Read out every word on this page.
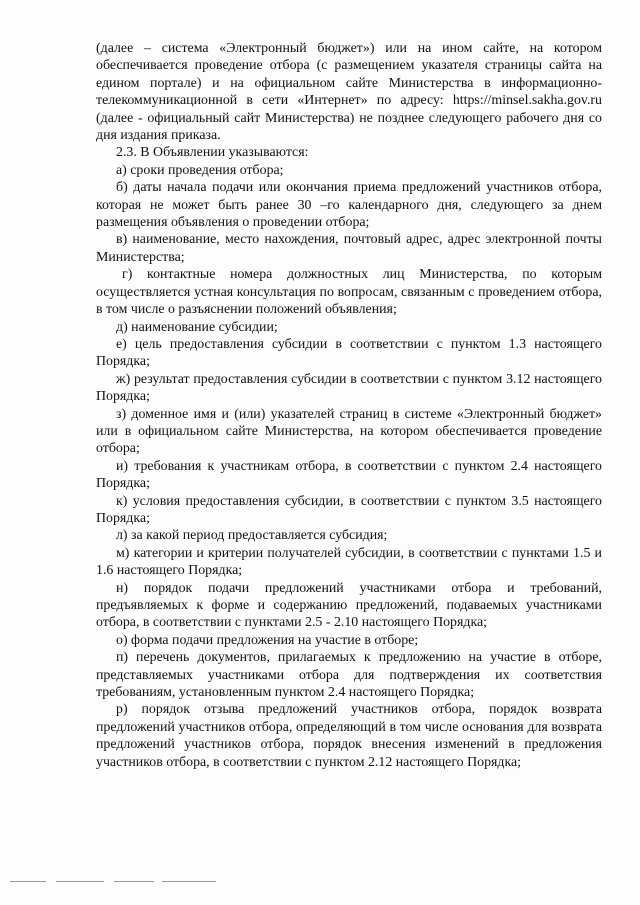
(далее – система «Электронный бюджет») или на ином сайте, на котором обеспечивается проведение отбора (с размещением указателя страницы сайта на едином портале) и на официальном сайте Министерства в информационно-телекоммуникационной в сети «Интернет» по адресу: https://minsel.sakha.gov.ru (далее - официальный сайт Министерства) не позднее следующего рабочего дня со дня издания приказа.

2.3. В Объявлении указываются:

а) сроки проведения отбора;

б) даты начала подачи или окончания приема предложений участников отбора, которая не может быть ранее 30 –го календарного дня, следующего за днем размещения объявления о проведении отбора;

в) наименование, место нахождения, почтовый адрес, адрес электронной почты Министерства;

г) контактные номера должностных лиц Министерства, по которым осуществляется устная консультация по вопросам, связанным с проведением отбора, в том числе о разъяснении положений объявления;

д) наименование субсидии;

е) цель предоставления субсидии в соответствии с пунктом 1.3 настоящего Порядка;

ж) результат предоставления субсидии в соответствии с пунктом 3.12 настоящего Порядка;

з) доменное имя и (или) указателей страниц в системе «Электронный бюджет» или в официальном сайте Министерства, на котором обеспечивается проведение отбора;

и) требования к участникам отбора, в соответствии с пунктом 2.4 настоящего Порядка;

к) условия предоставления субсидии, в соответствии с пунктом 3.5 настоящего Порядка;

л) за какой период предоставляется субсидия;

м) категории и критерии получателей субсидии, в соответствии с пунктами 1.5 и 1.6 настоящего Порядка;

н) порядок подачи предложений участниками отбора и требований, предъявляемых к форме и содержанию предложений, подаваемых участниками отбора, в соответствии с пунктами 2.5 - 2.10 настоящего Порядка;

о) форма подачи предложения на участие в отборе;

п) перечень документов, прилагаемых к предложению на участие в отборе, представляемых участниками отбора для подтверждения их соответствия требованиям, установленным пунктом 2.4 настоящего Порядка;

р) порядок отзыва предложений участников отбора, порядок возврата предложений участников отбора, определяющий в том числе основания для возврата предложений участников отбора, порядок внесения изменений в предложения участников отбора, в соответствии с пунктом 2.12 настоящего Порядка;
